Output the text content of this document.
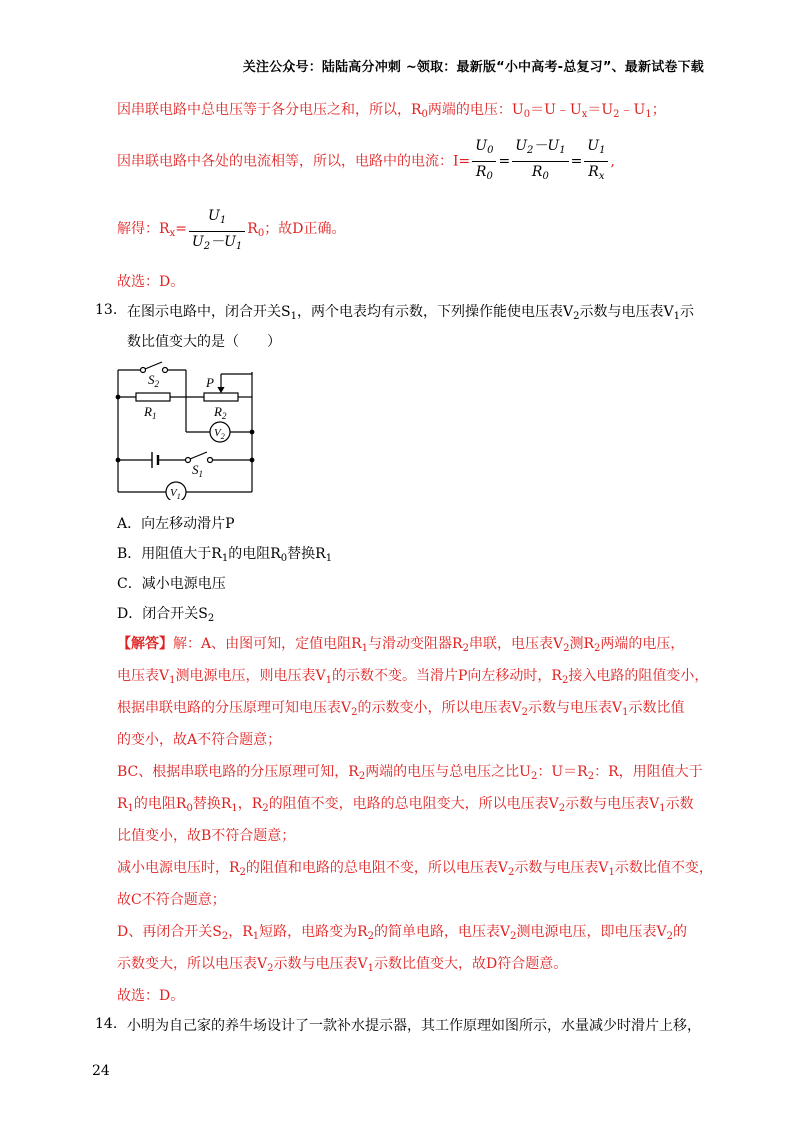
关注公众号：陆陆高分冲刺 ~领取：最新版“小中高考-总复习”、最新试卷下载
因串联电路中总电压等于各分电压之和，所以，$R_0$两端的电压：$U_0=U﹣U_x=U_2﹣U_1$；
因串联电路中各处的电流相等，所以，电路中的电流：$I= \frac{U_0}{R_0} = \frac{U_2-U_1}{R_0} = \frac{U_1}{R_x}$ ,
解得：$R_x= \frac{U_1}{U_2-U_1} R_0$；故D正确。
故选：D。
13. 在图示电路中，闭合开关$S_1$，两个电表均有示数，下列操作能使电压表$V_2$示数与电压表$V_1$示
数比值变大的是（　　）
$S_2$
$R_1$
P
$R_2$
$V_2$
$S_1$
$V_1$
A．向左移动滑片P
B．用阻值大于$R_1$的电阻$R_0$替换$R_1$
C．减小电源电压
D．闭合开关$S_2$
【解答】解：A、由图可知，定值电阻$R_1$与滑动变阻器$R_2$串联，电压表$V_2$测$R_2$两端的电压，
电压表$V_1$测电源电压，则电压表$V_1$的示数不变。当滑片P向左移动时，$R_2$接入电路的阻值变小，
根据串联电路的分压原理可知电压表$V_2$的示数变小，所以电压表$V_2$示数与电压表$V_1$示数比值
的变小，故A不符合题意；
BC、根据串联电路的分压原理可知，$R_2$两端的电压与总电压之比$U_2$：$U=R_2$：R，用阻值大于
$R_1$的电阻$R_0$替换$R_1$，$R_2$的阻值不变，电路的总电阻变大，所以电压表$V_2$示数与电压表$V_1$示数
比值变小，故B不符合题意；
减小电源电压时，$R_2$的阻值和电路的总电阻不变，所以电压表$V_2$示数与电压表$V_1$示数比值不变，
故C不符合题意；
D、再闭合开关$S_2$，$R_1$短路，电路变为$R_2$的简单电路，电压表$V_2$测电源电压，即电压表$V_2$的
示数变大，所以电压表$V_2$示数与电压表$V_1$示数比值变大，故D符合题意。
故选：D。
14. 小明为自己家的养牛场设计了一款补水提示器，其工作原理如图所示，水量减少时滑片上移，
24
